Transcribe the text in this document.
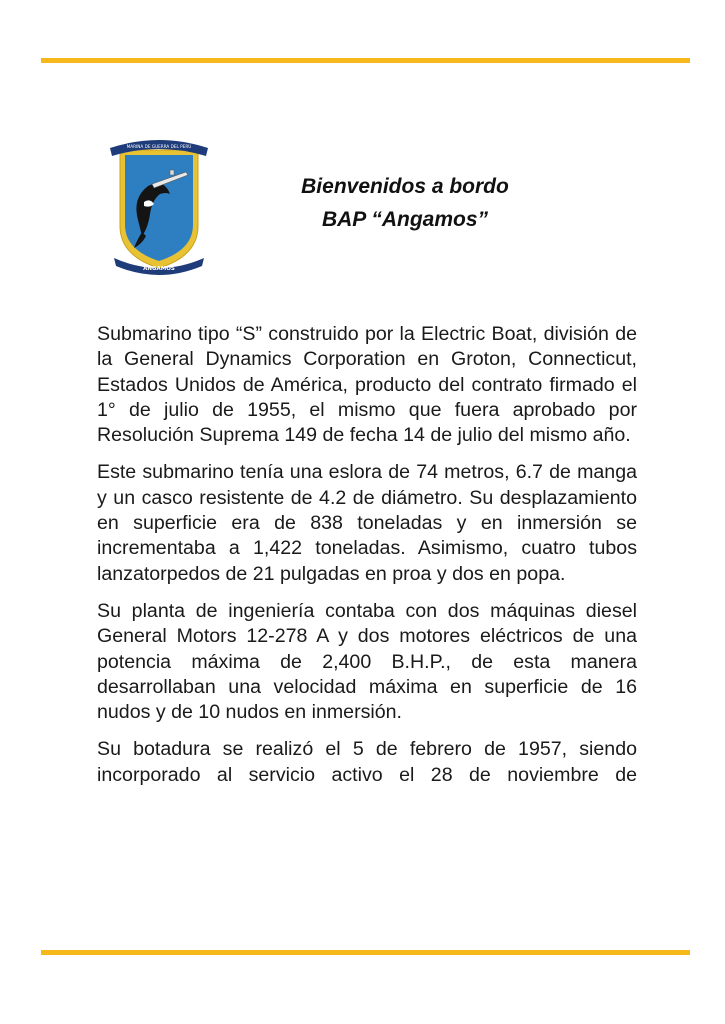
MARINA DE GUERRA DEL PERÚ
ANGAMOS
Bienvenidos a bordo
BAP “Angamos”

Submarino tipo “S” construido por la Electric Boat, división de la General Dynamics Corporation en Groton, Connecticut, Estados Unidos de América, producto del contrato firmado el 1° de julio de 1955, el mismo que fuera aprobado por Resolución Suprema 149 de fecha 14 de julio del mismo año.

Este submarino tenía una eslora de 74 metros, 6.7 de manga y un casco resistente de 4.2 de diámetro. Su desplazamiento en superficie era de 838 toneladas y en inmersión se incrementaba a 1,422 toneladas. Asimismo, cuatro tubos lanzatorpedos de 21 pulgadas en proa y dos en popa.

Su planta de ingeniería contaba con dos máquinas diesel General Motors 12-278 A y dos motores eléctricos de una potencia máxima de 2,400 B.H.P., de esta manera desarrollaban una velocidad máxima en superficie de 16 nudos y de 10 nudos en inmersión.

Su botadura se realizó el 5 de febrero de 1957, siendo incorporado al servicio activo el 28 de noviembre de
